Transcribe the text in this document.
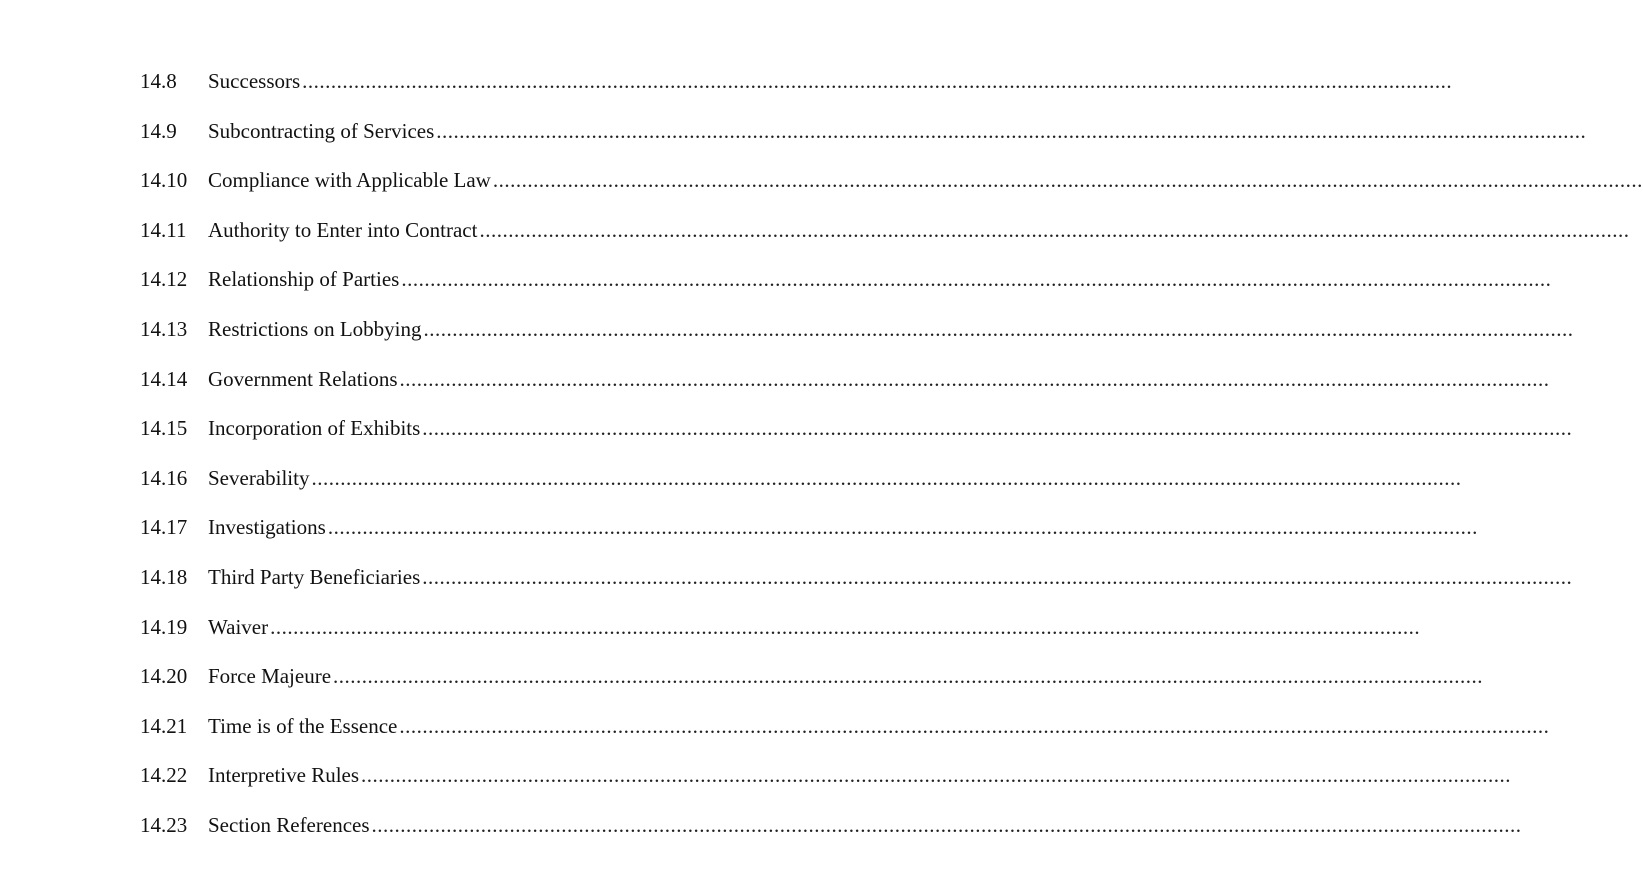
14.8 Successors ........................................................................................................................................................................................................
14.9 Subcontracting of Services ........................................................................................................................................................................................................
14.10 Compliance with Applicable Law ........................................................................................................................................................................................................
14.11 Authority to Enter into Contract ........................................................................................................................................................................................................
14.12 Relationship of Parties ........................................................................................................................................................................................................
14.13 Restrictions on Lobbying ........................................................................................................................................................................................................
14.14 Government Relations ........................................................................................................................................................................................................
14.15 Incorporation of Exhibits ........................................................................................................................................................................................................
14.16 Severability ........................................................................................................................................................................................................
14.17 Investigations ........................................................................................................................................................................................................
14.18 Third Party Beneficiaries ........................................................................................................................................................................................................
14.19 Waiver ........................................................................................................................................................................................................
14.20 Force Majeure ........................................................................................................................................................................................................
14.21 Time is of the Essence ........................................................................................................................................................................................................
14.22 Interpretive Rules ........................................................................................................................................................................................................
14.23 Section References ........................................................................................................................................................................................................
